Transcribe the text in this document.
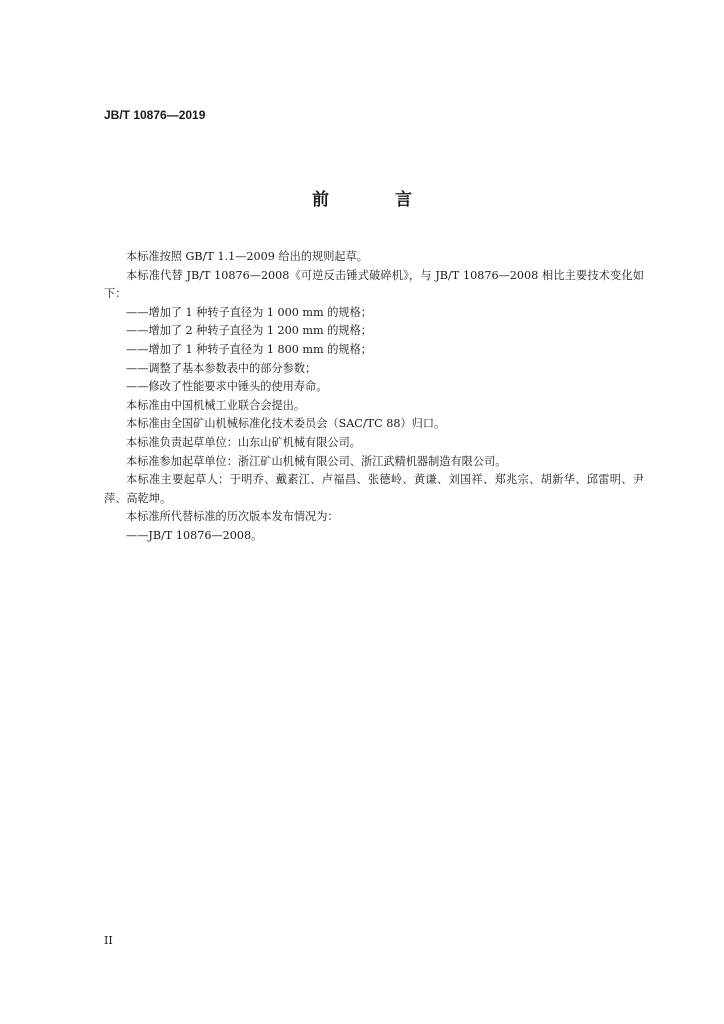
JB/T 10876—2019
前 言

本标准按照 GB/T 1.1—2009 给出的规则起草。

本标准代替 JB/T 10876—2008《可逆反击锤式破碎机》，与 JB/T 10876—2008 相比主要技术变化如下：

——增加了 1 种转子直径为 1 000 mm 的规格；

——增加了 2 种转子直径为 1 200 mm 的规格；

——增加了 1 种转子直径为 1 800 mm 的规格；

——调整了基本参数表中的部分参数；

——修改了性能要求中锤头的使用寿命。

本标准由中国机械工业联合会提出。

本标准由全国矿山机械标准化技术委员会（SAC/TC 88）归口。

本标准负责起草单位：山东山矿机械有限公司。

本标准参加起草单位：浙江矿山机械有限公司、浙江武精机器制造有限公司。

本标准主要起草人：于明乔、戴素江、卢福昌、张德岭、黄谦、刘国祥、郑兆宗、胡新华、邱雷明、尹萍、高乾坤。

本标准所代替标准的历次版本发布情况为：

——JB/T 10876—2008。

II
